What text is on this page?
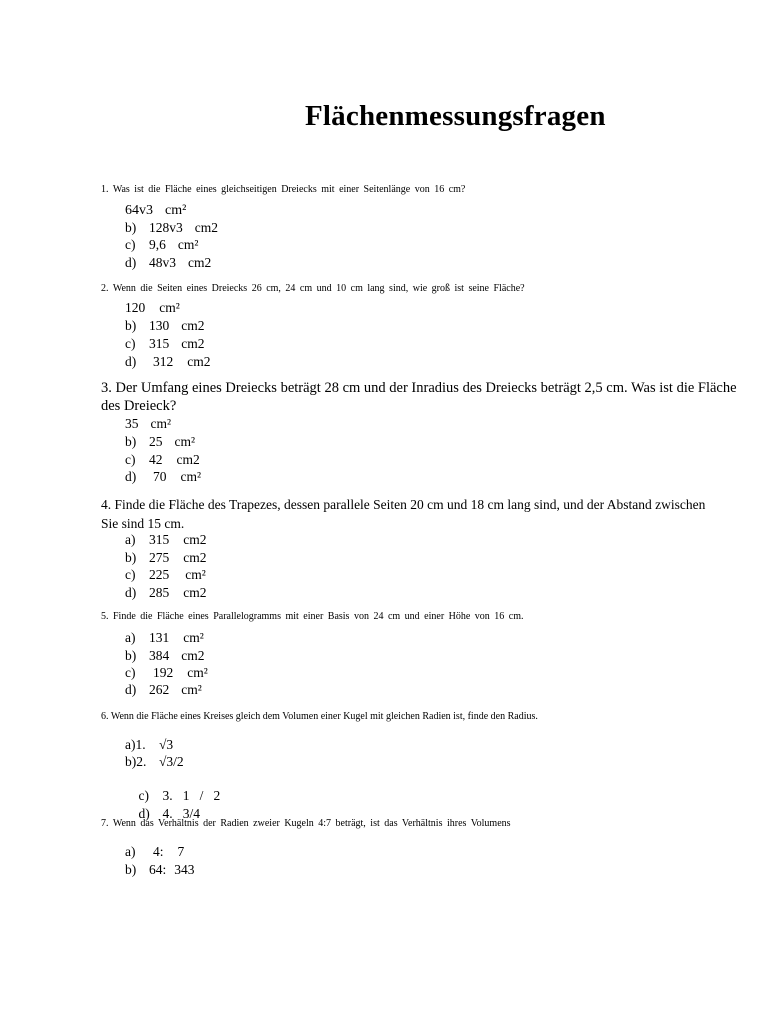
Flächenmessungsfragen
1. Was ist die Fläche eines gleichseitigen Dreiecks mit einer Seitenlänge von 16 cm?
64v3 cm²
b) 128v3 cm2
c) 9,6 cm²
d) 48v3 cm2
2. Wenn die Seiten eines Dreiecks 26 cm, 24 cm und 10 cm lang sind, wie groß ist seine Fläche?
120 cm²
b) 130 cm2
c) 315 cm2
d) 312 cm2
3. Der Umfang eines Dreiecks beträgt 28 cm und der Inradius des Dreiecks beträgt 2,5 cm. Was ist die Fläche des Dreieck?
35 cm²
b) 25 cm²
c) 42 cm2
d) 70 cm²
4. Finde die Fläche des Trapezes, dessen parallele Seiten 20 cm und 18 cm lang sind, und der Abstand zwischen Sie sind 15 cm.
a) 315 cm2
b) 275 cm2
c) 225 cm²
d) 285 cm2
5. Finde die Fläche eines Parallelogramms mit einer Basis von 24 cm und einer Höhe von 16 cm.
a) 131 cm²
b) 384 cm2
c) 192 cm²
d) 262 cm²
6. Wenn die Fläche eines Kreises gleich dem Volumen einer Kugel mit gleichen Radien ist, finde den Radius.
a)1. √3
b)2. √3/2

c) 3.   1   /   2

d) 4.   3/4

7. Wenn das Verhältnis der Radien zweier Kugeln 4:7 beträgt, ist das Verhältnis ihres Volumens
a) 4: 7
b) 64: 343
